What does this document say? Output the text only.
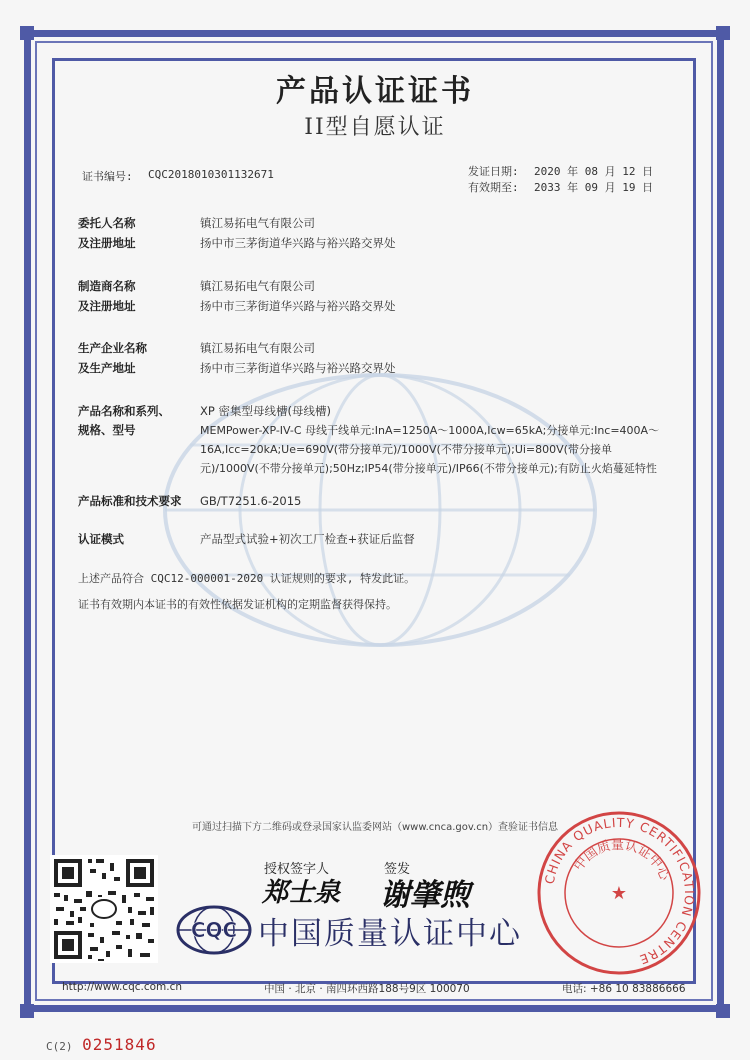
产品认证证书
II型自愿认证
证书编号: CQC2018010301132671	发证日期: 2020 年 08 月 12 日
有效期至: 2033 年 09 月 19 日
委托人名称	镇江易拓电气有限公司
及注册地址	扬中市三茅街道华兴路与裕兴路交界处
制造商名称	镇江易拓电气有限公司
及注册地址	扬中市三茅街道华兴路与裕兴路交界处
生产企业名称	镇江易拓电气有限公司
及生产地址	扬中市三茅街道华兴路与裕兴路交界处
产品名称和系列、
规格、型号
XP 密集型母线槽(母线槽)
MEMPower-XP-IV-C 母线干线单元:InA=1250A～1000A,Icw=65kA;分接单元:Inc=400A～
16A,Icc=20kA;Ue=690V(带分接单元)/1000V(不带分接单元);Ui=800V(带分接单
元)/1000V(不带分接单元);50Hz;IP54(带分接单元)/IP66(不带分接单元);有防止火焰蔓延特性
产品标准和技术要求	GB/T7251.6-2015
认证模式	产品型式试验+初次工厂检查+获证后监督
上述产品符合 CQC12-000001-2020 认证规则的要求, 特发此证。
证书有效期内本证书的有效性依据发证机构的定期监督获得保持。
可通过扫描下方二维码或登录国家认监委网站（www.cnca.gov.cn）查验证书信息
授权签字人	签发
郑士泉 谢肇煦
CQC 中国质量认证中心
CHINA QUALITY CERTIFICATION CENTRE
中国质量认证中心
★
http://www.cqc.com.cn	中国 · 北京 · 南四环西路188号9区 100070	电话: +86 10 83886666
C(2) 0251846
